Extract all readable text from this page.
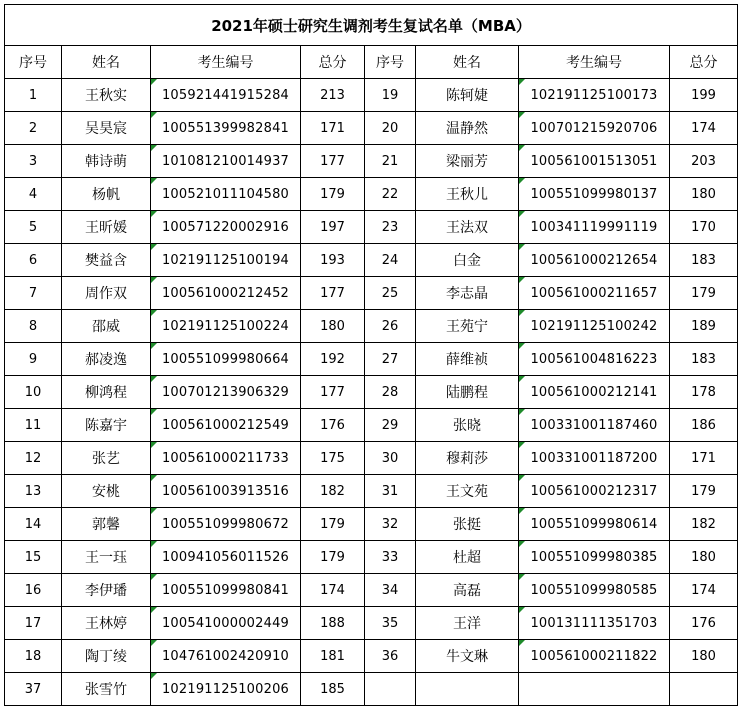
2021年硕士研究生调剂考生复试名单（MBA）							
序号	姓名	考生编号	总分	序号	姓名	考生编号	总分
1	王秋实	105921441915284	213	19	陈轲婕	102191125100173	199
2	吴昊宸	100551399982841	171	20	温静然	100701215920706	174
3	韩诗萌	101081210014937	177	21	梁丽芳	100561001513051	203
4	杨帆	100521011104580	179	22	王秋儿	100551099980137	180
5	王昕媛	100571220002916	197	23	王法双	100341119991119	170
6	樊益含	102191125100194	193	24	白金	100561000212654	183
7	周作双	100561000212452	177	25	李志晶	100561000211657	179
8	邵威	102191125100224	180	26	王苑宁	102191125100242	189
9	郝凌逸	100551099980664	192	27	薛维祯	100561004816223	183
10	柳鸿程	100701213906329	177	28	陆鹏程	100561000212141	178
11	陈嘉宇	100561000212549	176	29	张晓	100331001187460	186
12	张艺	100561000211733	175	30	穆莉莎	100331001187200	171
13	安桃	100561003913516	182	31	王文苑	100561000212317	179
14	郭馨	100551099980672	179	32	张挺	100551099980614	182
15	王一珏	100941056011526	179	33	杜超	100551099980385	180
16	李伊璠	100551099980841	174	34	高磊	100551099980585	174
17	王林婷	100541000002449	188	35	王洋	100131111351703	176
18	陶丁绫	104761002420910	181	36	牛文琳	100561000211822	180
37	张雪竹	102191125100206	185				
